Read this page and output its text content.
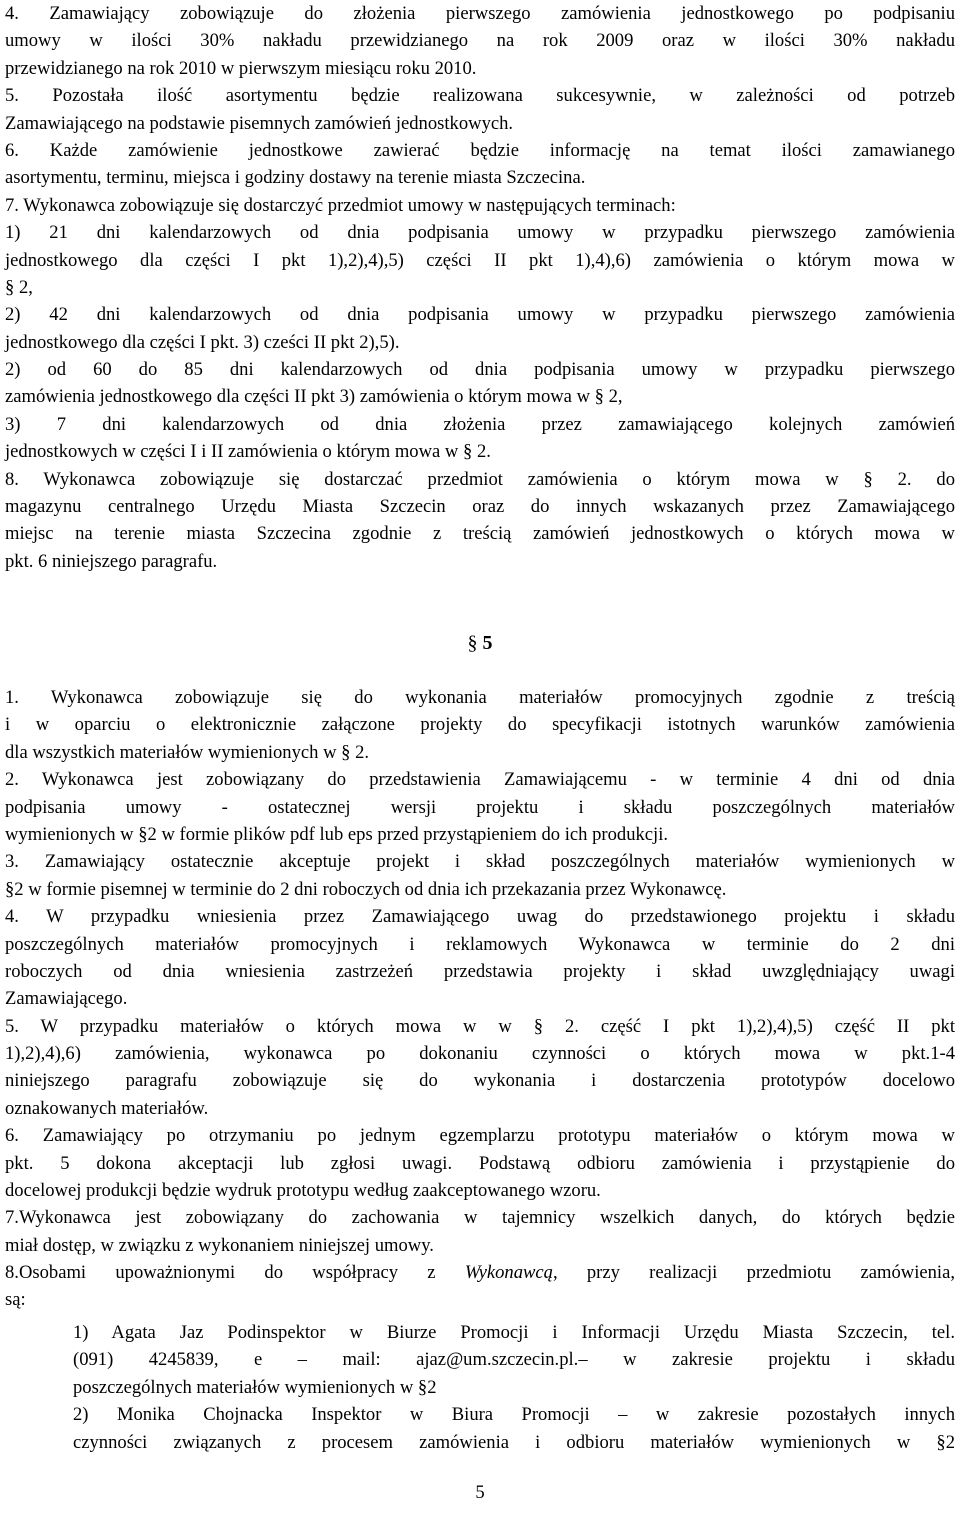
4. Zamawiający zobowiązuje do złożenia pierwszego zamówienia jednostkowego po podpisaniu
umowy w ilości 30% nakładu przewidzianego na rok 2009 oraz w ilości 30% nakładu
przewidzianego na rok 2010 w pierwszym miesiącu roku 2010.
5. Pozostała ilość asortymentu będzie realizowana sukcesywnie, w zależności od potrzeb
Zamawiającego na podstawie pisemnych zamówień jednostkowych.
6. Każde zamówienie jednostkowe zawierać będzie informację na temat ilości zamawianego
asortymentu, terminu, miejsca i godziny dostawy na terenie miasta Szczecina.
7. Wykonawca zobowiązuje się dostarczyć przedmiot umowy w następujących terminach:
1) 21 dni kalendarzowych od dnia podpisania umowy w przypadku pierwszego zamówienia
jednostkowego dla części I pkt 1),2),4),5) części II pkt 1),4),6) zamówienia o którym mowa w
§ 2,
2) 42 dni kalendarzowych od dnia podpisania umowy w przypadku pierwszego zamówienia
jednostkowego dla części I pkt. 3) cześci II pkt 2),5).
2) od 60 do 85 dni kalendarzowych od dnia podpisania umowy w przypadku pierwszego
zamówienia jednostkowego dla części II pkt 3) zamówienia o którym mowa w § 2,
3) 7 dni kalendarzowych od dnia złożenia przez zamawiającego kolejnych zamówień
jednostkowych w części I i II zamówienia o którym mowa w § 2.
8. Wykonawca zobowiązuje się dostarczać przedmiot zamówienia o którym mowa w § 2. do
magazynu centralnego Urzędu Miasta Szczecin oraz do innych wskazanych przez Zamawiającego
miejsc na terenie miasta Szczecina zgodnie z treścią zamówień jednostkowych o których mowa w
pkt. 6 niniejszego paragrafu.
§ 5
1. Wykonawca zobowiązuje się do wykonania materiałów promocyjnych zgodnie z treścią
i w oparciu o elektronicznie załączone projekty do specyfikacji istotnych warunków zamówienia
dla wszystkich materiałów wymienionych w § 2.
2. Wykonawca jest zobowiązany do przedstawienia Zamawiającemu - w terminie 4 dni od dnia
podpisania umowy - ostatecznej wersji projektu i składu poszczególnych materiałów
wymienionych w §2 w formie plików pdf lub eps przed przystąpieniem do ich produkcji.
3. Zamawiający ostatecznie akceptuje projekt i skład poszczególnych materiałów wymienionych w
§2 w formie pisemnej w terminie do 2 dni roboczych od dnia ich przekazania przez Wykonawcę.
4. W przypadku wniesienia przez Zamawiającego uwag do przedstawionego projektu i składu
poszczególnych materiałów promocyjnych i reklamowych Wykonawca w terminie do 2 dni
roboczych od dnia wniesienia zastrzeżeń przedstawia projekty i skład uwzględniający uwagi
Zamawiającego.
5. W przypadku materiałów o których mowa w w § 2. część I pkt 1),2),4),5) część II pkt
1),2),4),6) zamówienia, wykonawca po dokonaniu czynności o których mowa w pkt.1-4
niniejszego paragrafu zobowiązuje się do wykonania i dostarczenia prototypów docelowo
oznakowanych materiałów.
6. Zamawiający po otrzymaniu po jednym egzemplarzu prototypu materiałów o którym mowa w
pkt. 5 dokona akceptacji lub zgłosi uwagi. Podstawą odbioru zamówienia i przystąpienie do
docelowej produkcji będzie wydruk prototypu według zaakceptowanego wzoru.
7.Wykonawca jest zobowiązany do zachowania w tajemnicy wszelkich danych, do których będzie
miał dostęp, w związku z wykonaniem niniejszej umowy.
8.Osobami upoważnionymi do współpracy z Wykonawcą, przy realizacji przedmiotu zamówienia,
są:
1) Agata Jaz Podinspektor w Biurze Promocji i Informacji Urzędu Miasta Szczecin, tel.
(091) 4245839, e – mail: ajaz@um.szczecin.pl.– w zakresie projektu i składu
poszczególnych materiałów wymienionych w §2
2) Monika Chojnacka Inspektor w Biura Promocji – w zakresie pozostałych innych
czynności związanych z procesem zamówienia i odbioru materiałów wymienionych w §2
5
